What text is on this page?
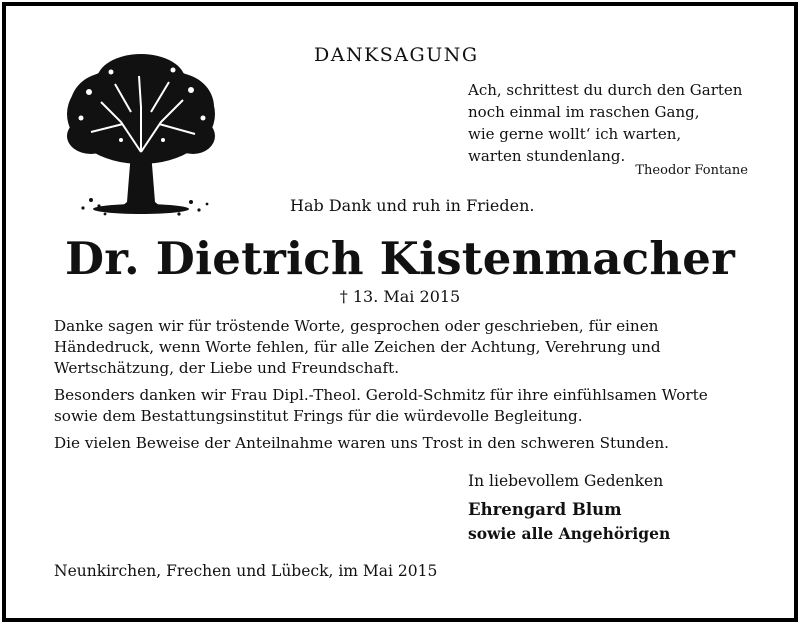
DANKSAGUNG
Ach, schrittest du durch den Garten
noch einmal im raschen Gang,
wie gerne wollt‘ ich warten,
warten stundenlang.
Theodor Fontane
Hab Dank und ruh in Frieden.
Dr. Dietrich Kistenmacher
† 13. Mai 2015
Danke sagen wir für tröstende Worte, gesprochen oder geschrieben, für einen Händedruck, wenn Worte fehlen, für alle Zeichen der Achtung, Verehrung und Wertschätzung, der Liebe und Freundschaft.
Besonders danken wir Frau Dipl.-Theol. Gerold-Schmitz für ihre einfühlsamen Worte sowie dem Bestattungsinstitut Frings für die würdevolle Begleitung.
Die vielen Beweise der Anteilnahme waren uns Trost in den schweren Stunden.
In liebevollem Gedenken
Ehrengard Blum
sowie alle Angehörigen
Neunkirchen, Frechen und Lübeck, im Mai 2015
